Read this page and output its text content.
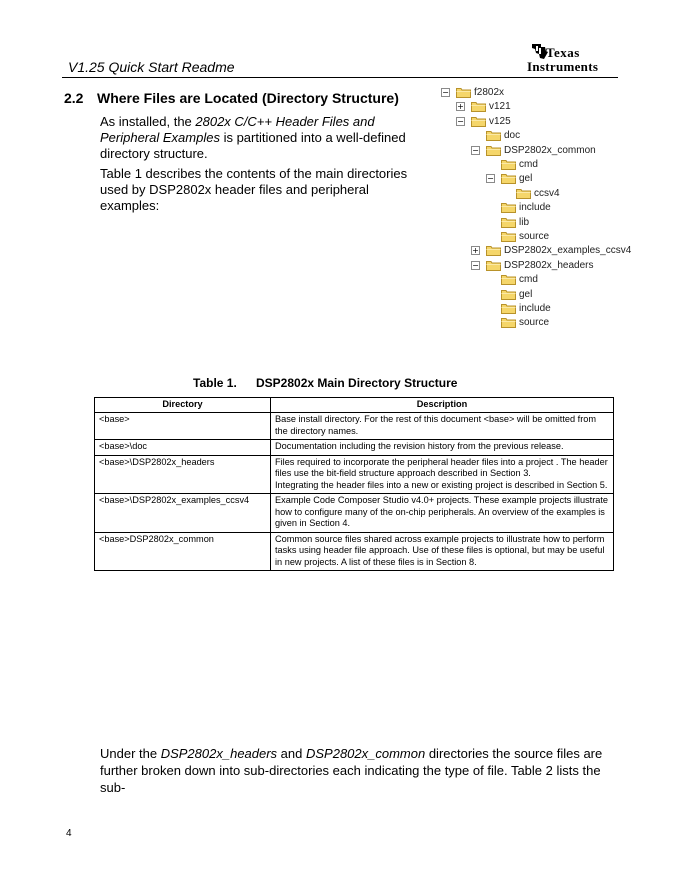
V1.25 Quick Start Readme
Texas
Instruments
2.2 Where Files are Located (Directory Structure)
As installed, the 2802x C/C++ Header Files and Peripheral Examples is partitioned into a well-defined directory structure.
Table 1 describes the contents of the main directories used by DSP2802x header files and peripheral examples:
−	f2802x
+	v121
−	v125
doc
−	DSP2802x_common
cmd
−	gel
ccsv4
include
lib
source
+	DSP2802x_examples_ccsv4
−	DSP2802x_headers
cmd
gel
include
source
Table 1. DSP2802x Main Directory Structure
Directory	Description
<base>	Base install directory. For the rest of this document <base> will be omitted from the directory names.

<base>\doc	Documentation including the revision history from the previous release.

<base>\DSP2802x_headers	Files required to incorporate the peripheral header files into a project . The header files use the bit-field structure approach described in Section 3.
Integrating the header files into a new or existing project is described in Section 5.

<base>\DSP2802x_examples_ccsv4	Example Code Composer Studio v4.0+ projects. These example projects illustrate how to configure many of the on-chip peripherals. An overview of the examples is given in Section 4.

<base>DSP2802x_common	Common source files shared across example projects to illustrate how to perform tasks using header file approach. Use of these files is optional, but may be useful in new projects. A list of these files is in Section 8.
Under the DSP2802x_headers and DSP2802x_common directories the source files are further broken down into sub-directories each indicating the type of file. Table 2 lists the sub-
4
